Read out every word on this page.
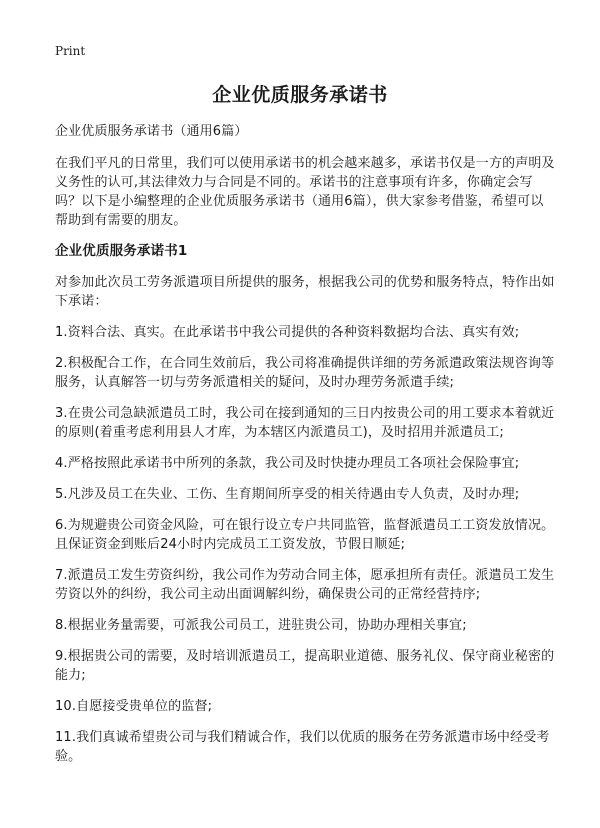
Print
企业优质服务承诺书

企业优质服务承诺书（通用6篇）

在我们平凡的日常里，我们可以使用承诺书的机会越来越多，承诺书仅是一方的声明及义务性的认可,其法律效力与合同是不同的。承诺书的注意事项有许多，你确定会写吗？以下是小编整理的企业优质服务承诺书（通用6篇），供大家参考借鉴，希望可以帮助到有需要的朋友。

企业优质服务承诺书1

对参加此次员工劳务派遣项目所提供的服务，根据我公司的优势和服务特点，特作出如下承诺：

1.资料合法、真实。在此承诺书中我公司提供的各种资料数据均合法、真实有效;

2.积极配合工作，在合同生效前后，我公司将准确提供详细的劳务派遣政策法规咨询等服务，认真解答一切与劳务派遣相关的疑问，及时办理劳务派遣手续;

3.在贵公司急缺派遣员工时，我公司在接到通知的三日内按贵公司的用工要求本着就近的原则(着重考虑利用县人才库，为本辖区内派遣员工)，及时招用并派遣员工;

4.严格按照此承诺书中所列的条款，我公司及时快捷办理员工各项社会保险事宜;

5.凡涉及员工在失业、工伤、生育期间所享受的相关待遇由专人负责，及时办理;

6.为规避贵公司资金风险，可在银行设立专户共同监管，监督派遣员工工资发放情况。且保证资金到账后24小时内完成员工工资发放，节假日顺延;

7.派遣员工发生劳资纠纷，我公司作为劳动合同主体，愿承担所有责任。派遣员工发生劳资以外的纠纷，我公司主动出面调解纠纷，确保贵公司的正常经营持序;

8.根据业务量需要，可派我公司员工，进驻贵公司，协助办理相关事宜;

9.根据贵公司的需要，及时培训派遣员工，提高职业道德、服务礼仪、保守商业秘密的能力;

10.自愿接受贵单位的监督;

11.我们真诚希望贵公司与我们精诚合作，我们以优质的服务在劳务派遣市场中经受考验。
